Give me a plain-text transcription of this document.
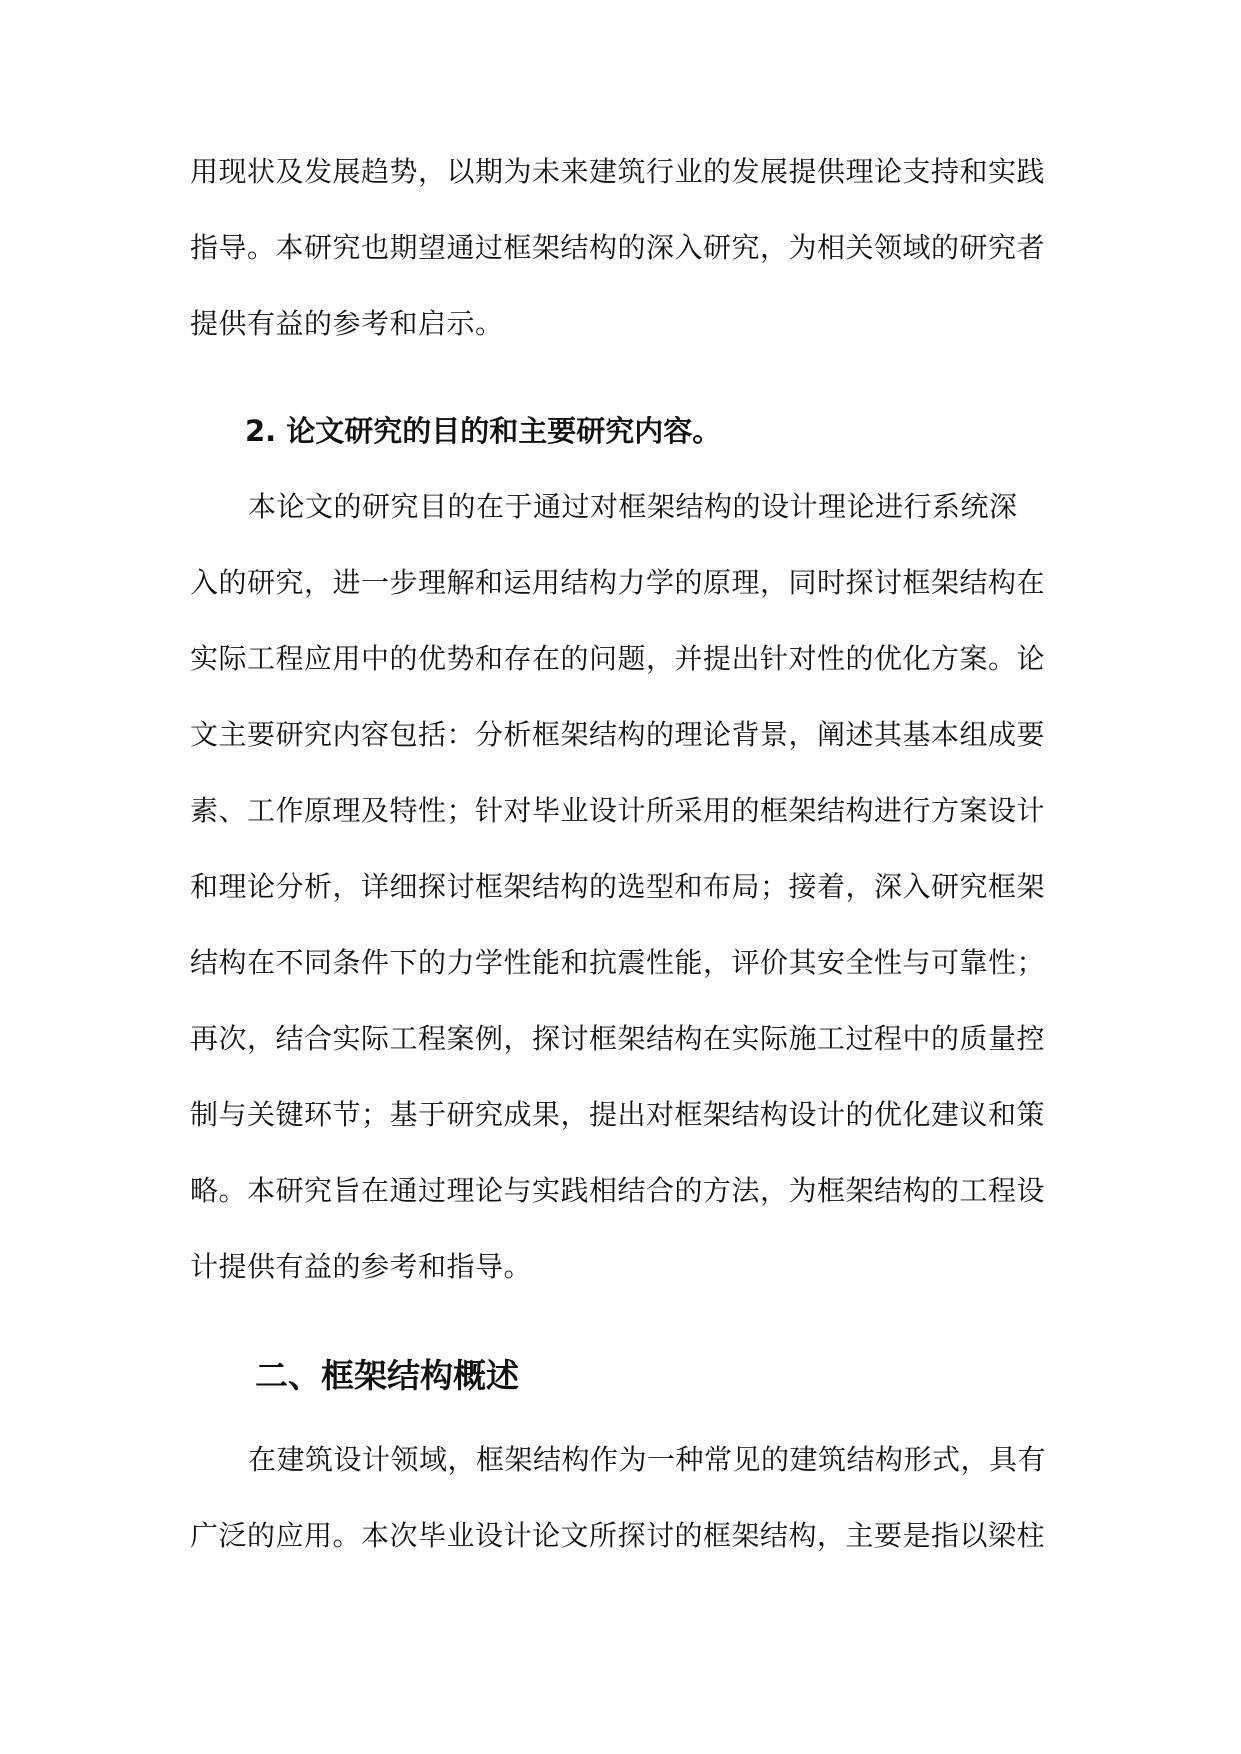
用现状及发展趋势，以期为未来建筑行业的发展提供理论支持和实践
指导。本研究也期望通过框架结构的深入研究，为相关领域的研究者
提供有益的参考和启示。
2. 论文研究的目的和主要研究内容。
本论文的研究目的在于通过对框架结构的设计理论进行系统深
入的研究，进一步理解和运用结构力学的原理，同时探讨框架结构在
实际工程应用中的优势和存在的问题，并提出针对性的优化方案。论
文主要研究内容包括：分析框架结构的理论背景，阐述其基本组成要
素、工作原理及特性；针对毕业设计所采用的框架结构进行方案设计
和理论分析，详细探讨框架结构的选型和布局；接着，深入研究框架
结构在不同条件下的力学性能和抗震性能，评价其安全性与可靠性；
再次，结合实际工程案例，探讨框架结构在实际施工过程中的质量控
制与关键环节；基于研究成果，提出对框架结构设计的优化建议和策
略。本研究旨在通过理论与实践相结合的方法，为框架结构的工程设
计提供有益的参考和指导。
二、框架结构概述
在建筑设计领域，框架结构作为一种常见的建筑结构形式，具有
广泛的应用。本次毕业设计论文所探讨的框架结构，主要是指以梁柱
